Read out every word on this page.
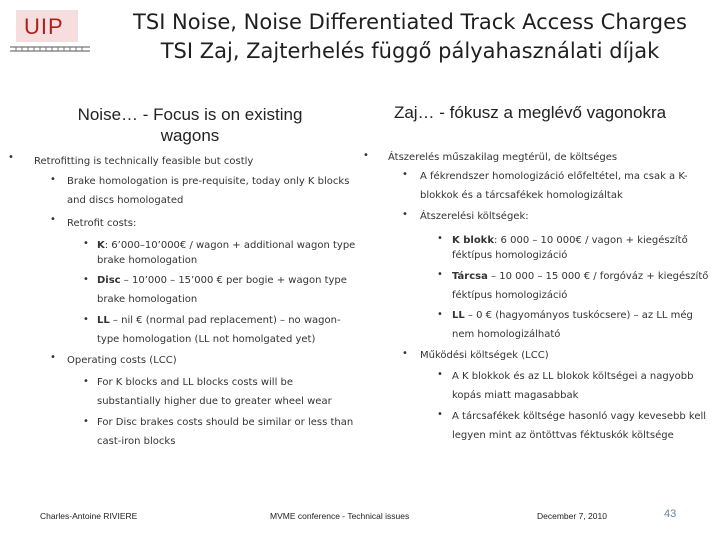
UIP	TSI Noise, Noise Differentiated Track Access Charges
TSI Zaj, Zajterhelés függő pályahasználati díjak
Noise… - Focus is on existing
wagons
Zaj… - fókusz a meglévő vagonokra
• Retrofitting is technically feasible but costly
• Brake homologation is pre-requisite, today only K blocks
and discs homologated
• Retrofit costs:
• K: 6’000–10’000€ / wagon + additional wagon type
brake homologation
• Disc – 10’000 – 15’000 € per bogie + wagon type
brake homologation
• LL – nil € (normal pad replacement) – no wagon-
type homologation (LL not homolgated yet)
• Operating costs (LCC)
• For K blocks and LL blocks costs will be
substantially higher due to greater wheel wear
• For Disc brakes costs should be similar or less than
cast-iron blocks
• Átszerelés műszakilag megtérül, de költséges
• A fékrendszer homologizáció előfeltétel, ma csak a K-
blokkok és a tárcsafékek homologizáltak
• Átszerelési költségek:
• K blokk: 6 000 – 10 000€ / vagon + kiegészítő
féktípus homologizáció
• Tárcsa – 10 000 – 15 000 € / forgóváz + kiegészítő
féktípus homologizáció
• LL – 0 € (hagyományos tuskócsere) – az LL még
nem homologizálható
• Működési költségek (LCC)
• A K blokkok és az LL blokok költségei a nagyobb
kopás miatt magasabbak
• A tárcsafékek költsége hasonló vagy kevesebb kell
legyen mint az öntöttvas féktuskók költsége
Charles-Antoine RIVIERE	MVME conference - Technical issues	December 7, 2010	43
